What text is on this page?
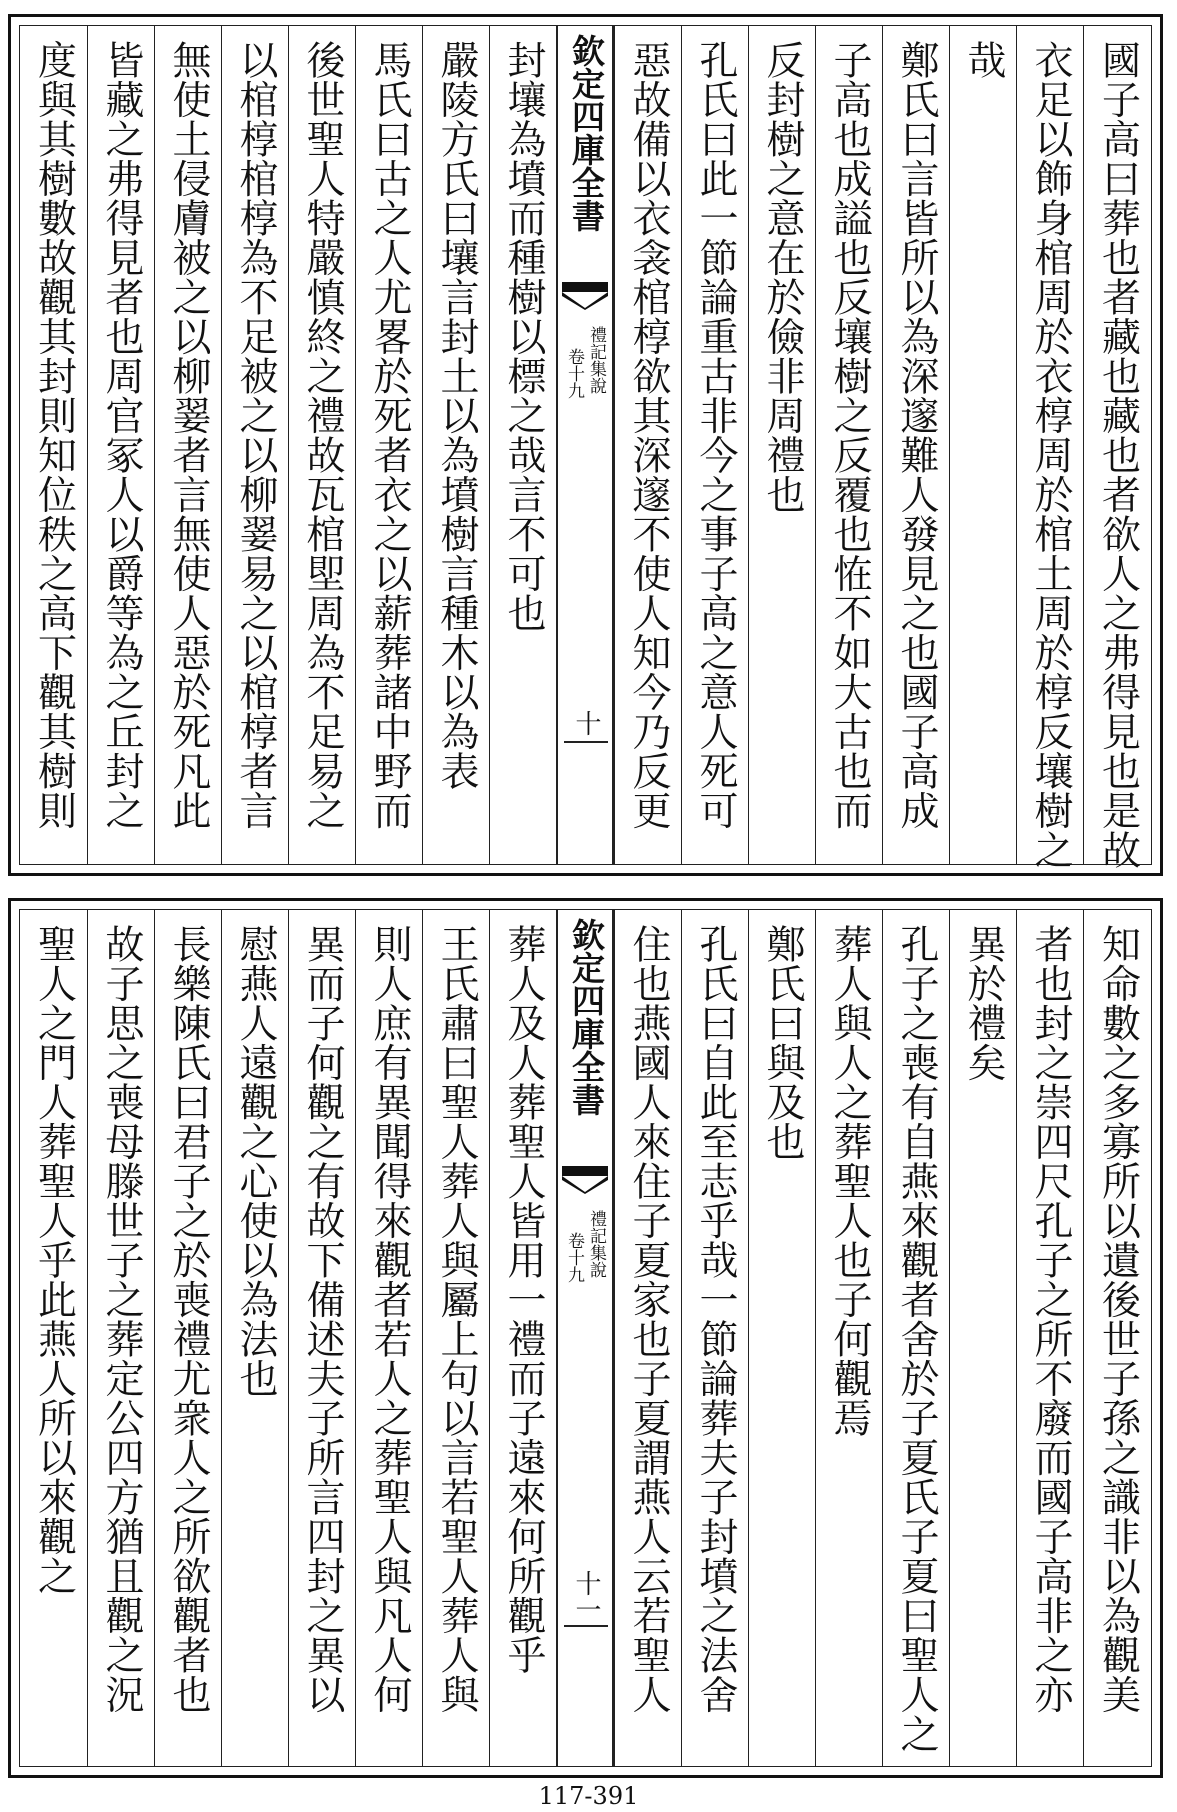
國子高曰葬也者藏也藏也者欲人之弗得見也是故
衣足以飾身棺周於衣椁周於棺土周於椁反壤樹之
哉
鄭氏曰言皆所以為深邃難人發見之也國子高成
子高也成謚也反壤樹之反覆也恠不如大古也而
反封樹之意在於儉非周禮也
孔氏曰此一節論重古非今之事子高之意人死可
惡故備以衣衾棺椁欲其深邃不使人知今乃反更
欽定四庫全書
禮記集說
卷十九
十
封壤為墳而種樹以標之哉言不可也
嚴陵方氏曰壤言封土以為墳樹言種木以為表
馬氏曰古之人尤畧於死者衣之以薪葬諸中野而
後世聖人特嚴慎終之禮故瓦棺堲周為不足易之
以棺椁棺椁為不足被之以柳翣易之以棺椁者言
無使土侵膚被之以柳翣者言無使人惡於死凡此
皆藏之弗得見者也周官冢人以爵等為之丘封之
度與其樹數故觀其封則知位秩之高下觀其樹則
知命數之多寡所以遺後世子孫之識非以為觀美
者也封之崇四尺孔子之所不廢而國子高非之亦
異於禮矣
孔子之喪有自燕來觀者舍於子夏氏子夏曰聖人之
葬人與人之葬聖人也子何觀焉
鄭氏曰與及也
孔氏曰自此至志乎哉一節論葬夫子封墳之法舍
住也燕國人來住子夏家也子夏謂燕人云若聖人
欽定四庫全書
禮記集說
卷十九
十一
葬人及人葬聖人皆用一禮而子遠來何所觀乎
王氏肅曰聖人葬人與屬上句以言若聖人葬人與
則人庶有異聞得來觀者若人之葬聖人與凡人何
異而子何觀之有故下備述夫子所言四封之異以
慰燕人遠觀之心使以為法也
長樂陳氏曰君子之於喪禮尤衆人之所欲觀者也
故子思之喪母滕世子之葬定公四方猶且觀之況
聖人之門人葬聖人乎此燕人所以來觀之
117-391
